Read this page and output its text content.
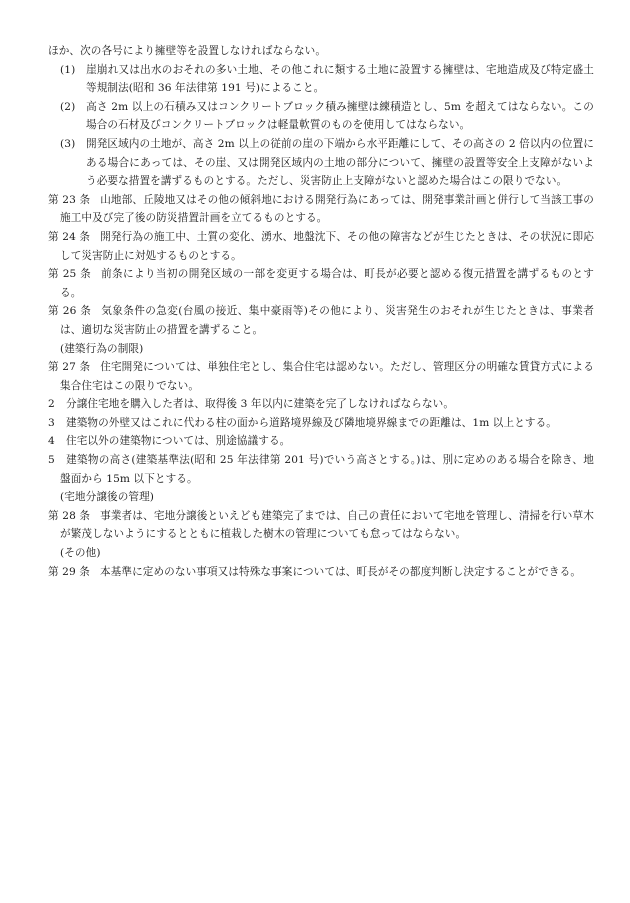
ほか、次の各号により擁壁等を設置しなければならない。

(1) 崖崩れ又は出水のおそれの多い土地、その他これに類する土地に設置する擁壁は、宅地造成及び特定盛土等規制法(昭和 36 年法律第 191 号)によること。

(2) 高さ 2m 以上の石積み又はコンクリートブロック積み擁壁は練積造とし、5m を超えてはならない。この場合の石材及びコンクリートブロックは軽量軟質のものを使用してはならない。

(3) 開発区域内の土地が、高さ 2m 以上の従前の崖の下端から水平距離にして、その高さの 2 倍以内の位置にある場合にあっては、その崖、又は開発区域内の土地の部分について、擁壁の設置等安全上支障がないよう必要な措置を講ずるものとする。ただし、災害防止上支障がないと認めた場合はこの限りでない。

第 23 条 山地部、丘陵地又はその他の傾斜地における開発行為にあっては、開発事業計画と併行して当該工事の施工中及び完了後の防災措置計画を立てるものとする。

第 24 条 開発行為の施工中、土質の変化、湧水、地盤沈下、その他の障害などが生じたときは、その状況に即応して災害防止に対処するものとする。

第 25 条 前条により当初の開発区域の一部を変更する場合は、町長が必要と認める復元措置を講ずるものとする。

第 26 条 気象条件の急変(台風の接近、集中豪雨等)その他により、災害発生のおそれが生じたときは、事業者は、適切な災害防止の措置を講ずること。

(建築行為の制限)

第 27 条 住宅開発については、単独住宅とし、集合住宅は認めない。ただし、管理区分の明確な賃貸方式による集合住宅はこの限りでない。

2 分譲住宅地を購入した者は、取得後 3 年以内に建築を完了しなければならない。

3 建築物の外壁又はこれに代わる柱の面から道路境界線及び隣地境界線までの距離は、1m 以上とする。

4 住宅以外の建築物については、別途協議する。

5 建築物の高さ(建築基準法(昭和 25 年法律第 201 号)でいう高さとする。)は、別に定めのある場合を除き、地盤面から 15m 以下とする。

(宅地分譲後の管理)

第 28 条 事業者は、宅地分譲後といえども建築完了までは、自己の責任において宅地を管理し、清掃を行い草木が繁茂しないようにするとともに植栽した樹木の管理についても怠ってはならない。

(その他)

第 29 条 本基準に定めのない事項又は特殊な事案については、町長がその都度判断し決定することができる。
